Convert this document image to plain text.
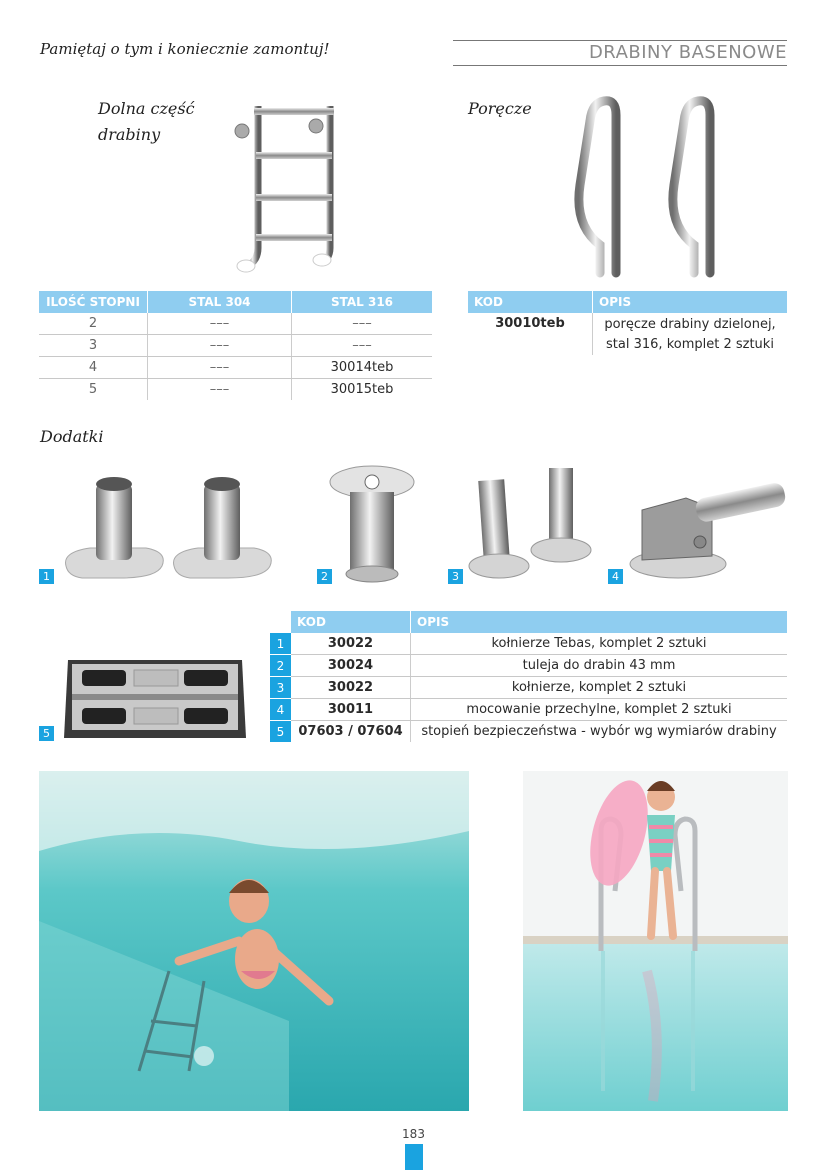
Pamiętaj o tym i koniecznie zamontuj!	DRABINY BASENOWE
Dolna część
drabiny
ILOŚĆ STOPNI	STAL 304	STAL 316
2	–––	–––
3	–––	–––
4	–––	30014teb
5	–––	30015teb
Poręcze
KOD	OPIS
30010teb	poręcze drabiny dzielonej,
stal 316, komplet 2 sztuki
Dodatki
1	2	3	4
5
	KOD	OPIS
1	30022	kołnierze Tebas, komplet 2 sztuki
2	30024	tuleja do drabin 43 mm
3	30022	kołnierze, komplet 2 sztuki
4	30011	mocowanie przechylne, komplet 2 sztuki
5	07603 / 07604	stopień bezpieczeństwa - wybór wg wymiarów drabiny
183
